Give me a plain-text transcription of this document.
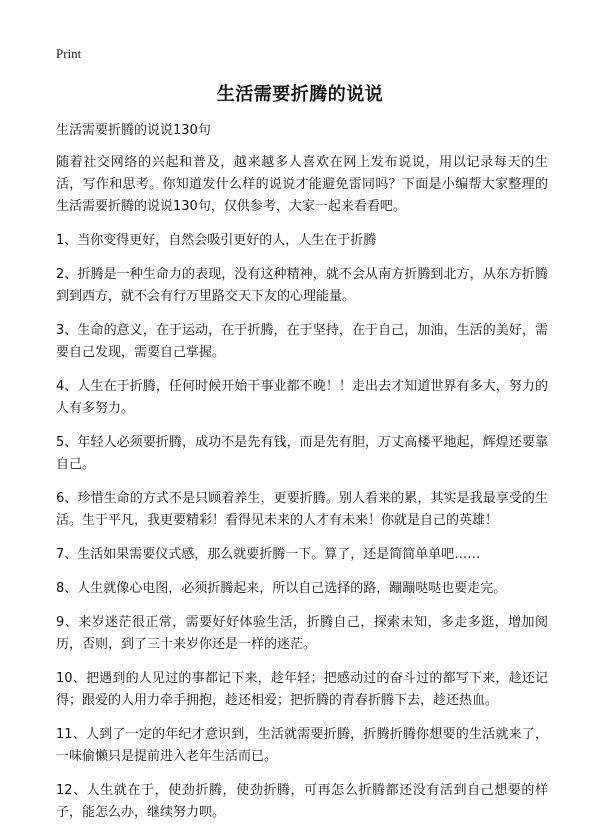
Print
生活需要折腾的说说

生活需要折腾的说说130句

随着社交网络的兴起和普及，越来越多人喜欢在网上发布说说，用以记录每天的生活，写作和思考。你知道发什么样的说说才能避免雷同吗？下面是小编帮大家整理的生活需要折腾的说说130句，仅供参考，大家一起来看看吧。

1、当你变得更好，自然会吸引更好的人，人生在于折腾

2、折腾是一种生命力的表现，没有这种精神，就不会从南方折腾到北方，从东方折腾到到西方，就不会有行万里路交天下友的心理能量。

3、生命的意义，在于运动，在于折腾，在于坚持，在于自己，加油，生活的美好，需要自己发现，需要自己掌握。

4、人生在于折腾，任何时候开始干事业都不晚！！走出去才知道世界有多大，努力的人有多努力。

5、年轻人必须要折腾，成功不是先有钱，而是先有胆，万丈高楼平地起，辉煌还要靠自己。

6、珍惜生命的方式不是只顾着养生，更要折腾。别人看来的累，其实是我最享受的生活。生于平凡，我更要精彩！看得见未来的人才有未来！你就是自己的英雄！

7、生活如果需要仪式感，那么就要折腾一下。算了，还是简简单单吧……

8、人生就像心电图，必须折腾起来，所以自己选择的路，蹦蹦哒哒也要走完。

9、来岁迷茫很正常，需要好好体验生活，折腾自己，探索未知，多走多逛，增加阅历，否则，到了三十来岁你还是一样的迷茫。

10、把遇到的人见过的事都记下来，趁年轻；把感动过的奋斗过的都写下来，趁还记得；跟爱的人用力牵手拥抱，趁还相爱；把折腾的青春折腾下去，趁还热血。

11、人到了一定的年纪才意识到，生活就需要折腾，折腾折腾你想要的生活就来了，一味偷懒只是提前进入老年生活而已。

12、人生就在于，使劲折腾，使劲折腾，可再怎么折腾都还没有活到自己想要的样子，能怎么办，继续努力呗。
